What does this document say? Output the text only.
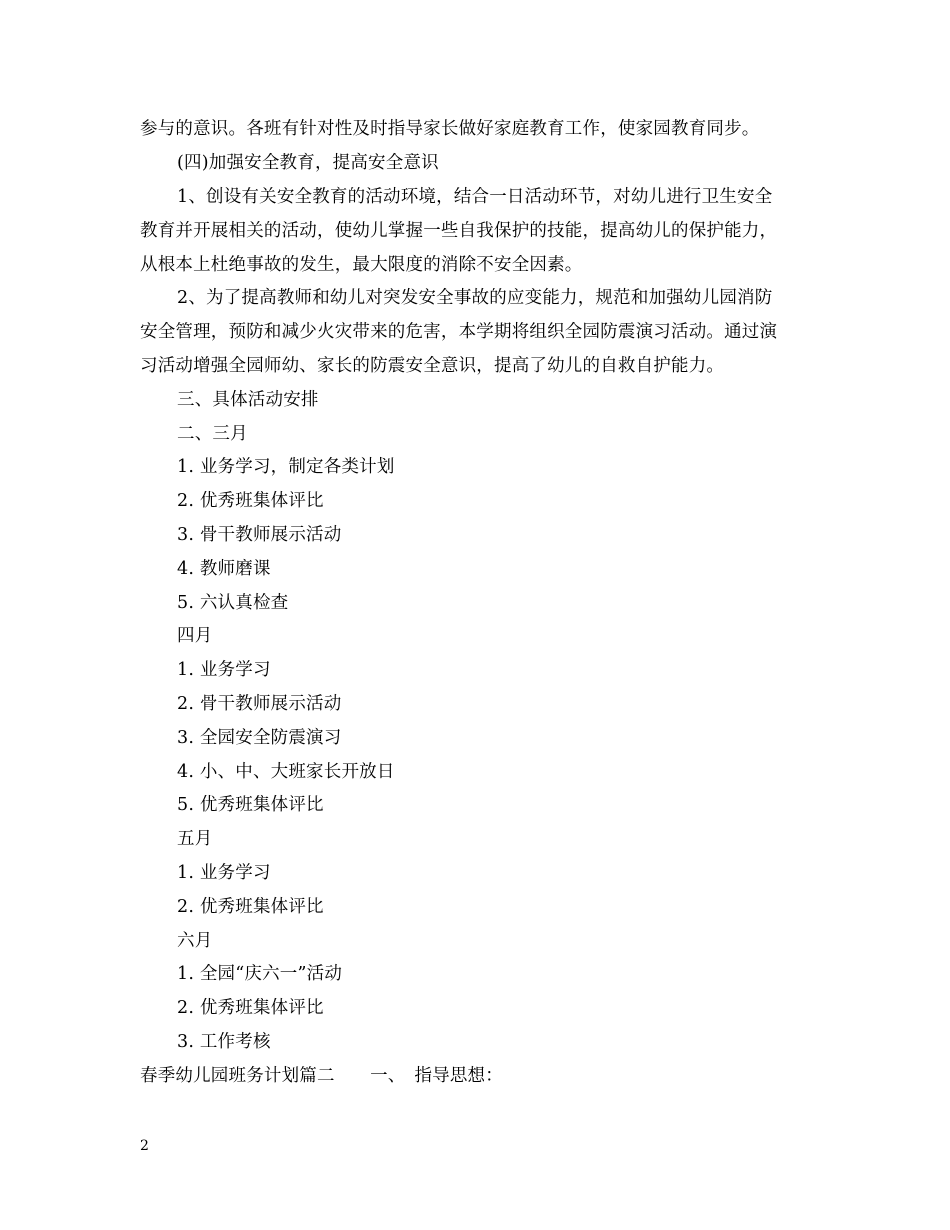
参与的意识。各班有针对性及时指导家长做好家庭教育工作，使家园教育同步。
(四)加强安全教育，提高安全意识
1、创设有关安全教育的活动环境，结合一日活动环节，对幼儿进行卫生安全
教育并开展相关的活动，使幼儿掌握一些自我保护的技能，提高幼儿的保护能力，
从根本上杜绝事故的发生，最大限度的消除不安全因素。
2、为了提高教师和幼儿对突发安全事故的应变能力，规范和加强幼儿园消防
安全管理，预防和减少火灾带来的危害，本学期将组织全园防震演习活动。通过演
习活动增强全园师幼、家长的防震安全意识，提高了幼儿的自救自护能力。
三、具体活动安排
二、三月
1. 业务学习，制定各类计划
2. 优秀班集体评比
3. 骨干教师展示活动
4. 教师磨课
5. 六认真检查
四月
1. 业务学习
2. 骨干教师展示活动
3. 全园安全防震演习
4. 小、中、大班家长开放日
5. 优秀班集体评比
五月
1. 业务学习
2. 优秀班集体评比
六月
1. 全园“庆六一”活动
2. 优秀班集体评比
3. 工作考核
春季幼儿园班务计划篇二　　一、　指导思想：
2
